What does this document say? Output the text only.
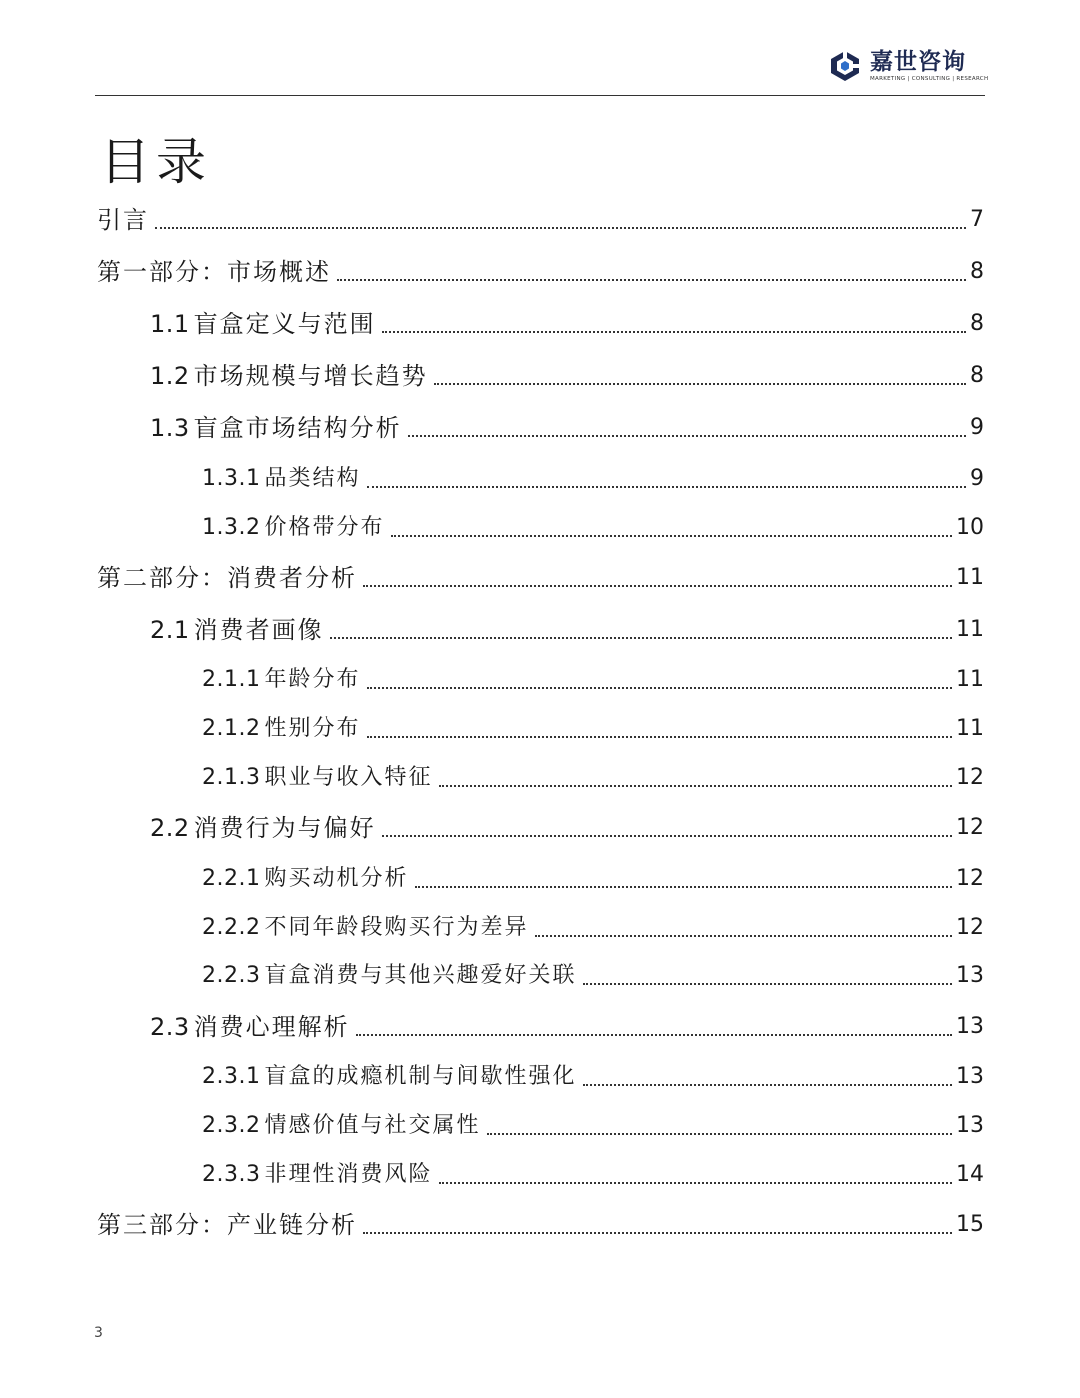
嘉世咨询
MARKETING | CONSULTING | RESEARCH
目录
引言	7
第一部分：市场概述	8
1.1 盲盒定义与范围	8
1.2 市场规模与增长趋势	8
1.3 盲盒市场结构分析	9
1.3.1 品类结构	9
1.3.2 价格带分布	10
第二部分：消费者分析	11
2.1 消费者画像	11
2.1.1 年龄分布	11
2.1.2 性别分布	11
2.1.3 职业与收入特征	12
2.2 消费行为与偏好	12
2.2.1 购买动机分析	12
2.2.2 不同年龄段购买行为差异	12
2.2.3 盲盒消费与其他兴趣爱好关联	13
2.3 消费心理解析	13
2.3.1 盲盒的成瘾机制与间歇性强化	13
2.3.2 情感价值与社交属性	13
2.3.3 非理性消费风险	14
第三部分：产业链分析	15
3
